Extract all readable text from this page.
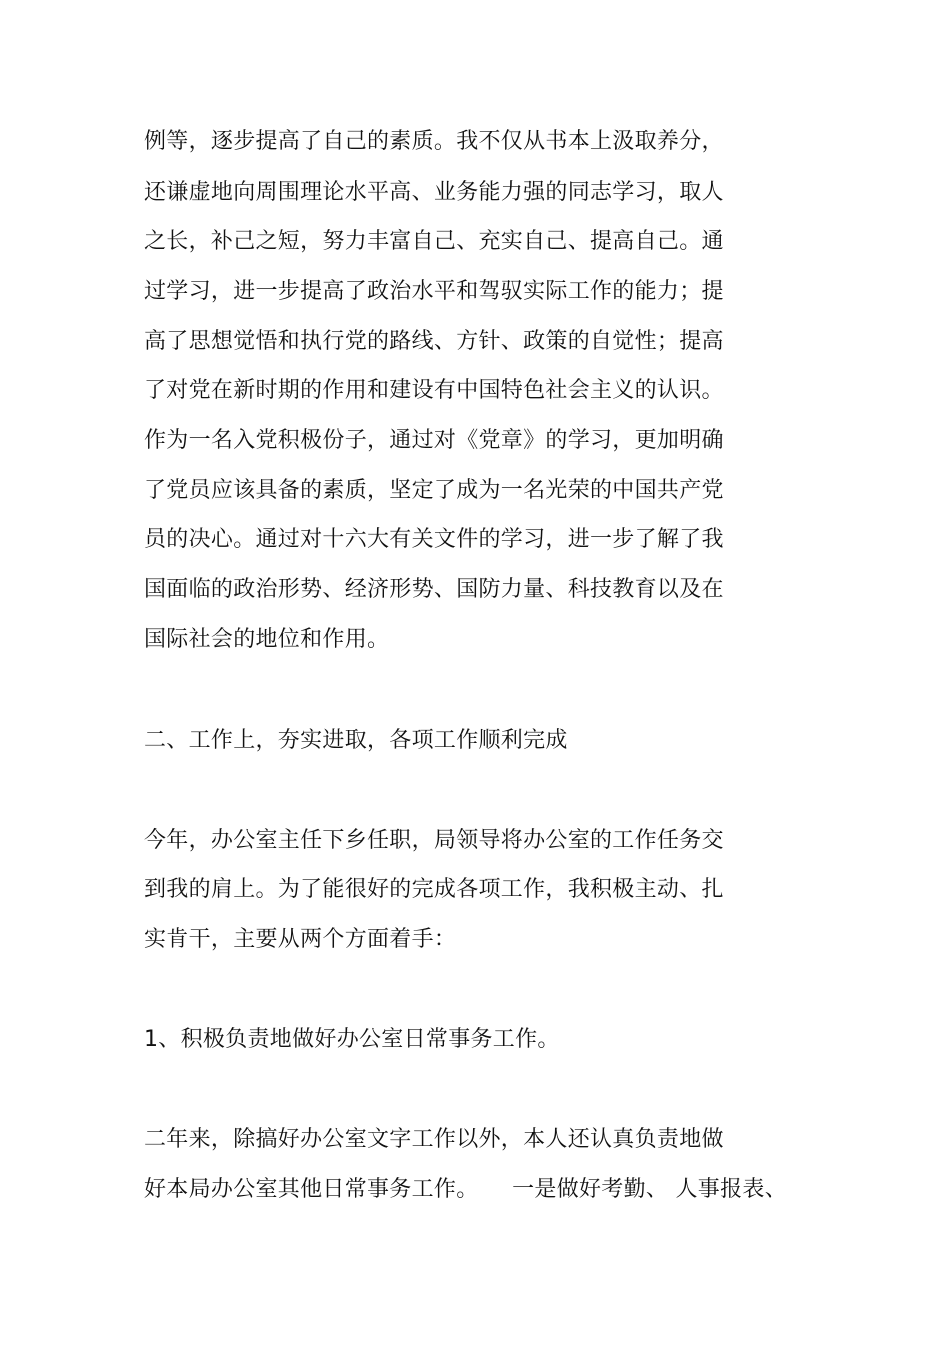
例等，逐步提高了自己的素质。我不仅从书本上汲取养分，
还谦虚地向周围理论水平高、业务能力强的同志学习，取人
之长，补己之短，努力丰富自己、充实自己、提高自己。通
过学习，进一步提高了政治水平和驾驭实际工作的能力；提
高了思想觉悟和执行党的路线、方针、政策的自觉性；提高
了对党在新时期的作用和建设有中国特色社会主义的认识。
作为一名入党积极份子，通过对《党章》的学习，更加明确
了党员应该具备的素质，坚定了成为一名光荣的中国共产党
员的决心。通过对十六大有关文件的学习，进一步了解了我
国面临的政治形势、经济形势、国防力量、科技教育以及在
国际社会的地位和作用。
二、工作上，夯实进取，各项工作顺利完成
今年，办公室主任下乡任职，局领导将办公室的工作任务交
到我的肩上。为了能很好的完成各项工作，我积极主动、扎
实肯干，主要从两个方面着手：
1、积极负责地做好办公室日常事务工作。
二年来，除搞好办公室文字工作以外，本人还认真负责地做
好本局办公室其他日常事务工作。　　一是做好考勤、 人事报表、
